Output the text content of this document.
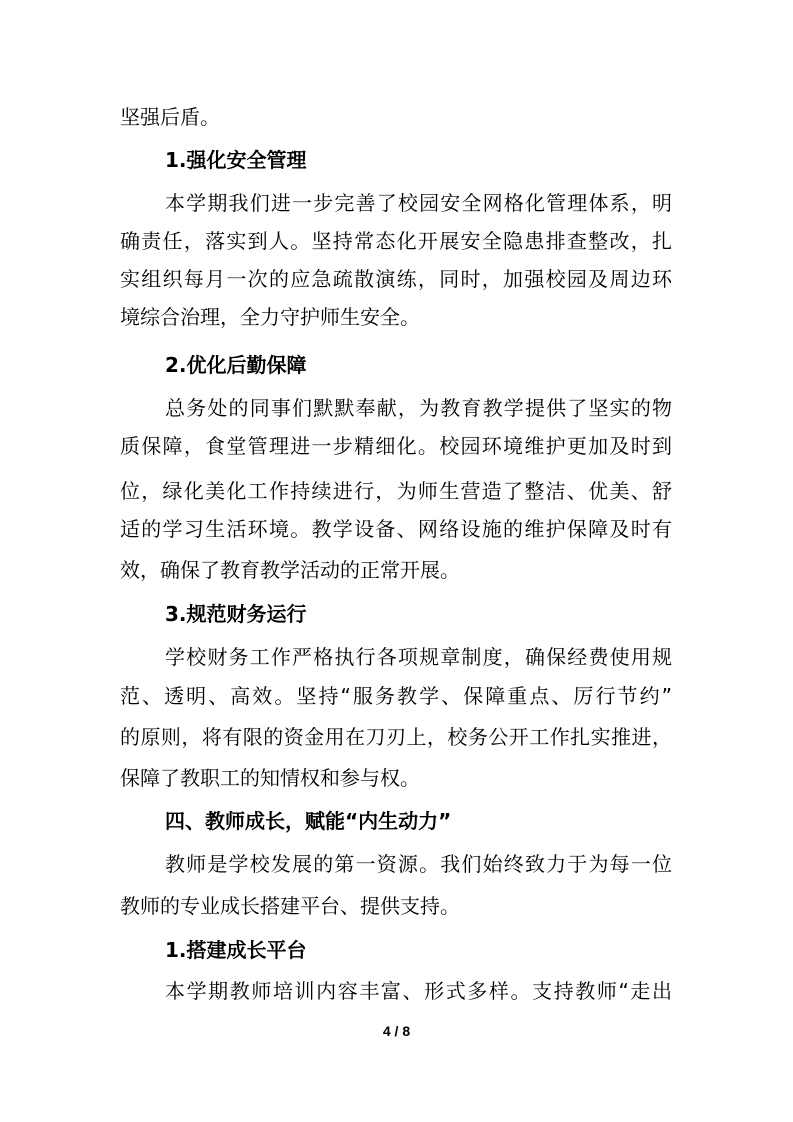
坚强后盾。

1.强化安全管理

本学期我们进一步完善了校园安全网格化管理体系，明

确责任，落实到人。坚持常态化开展安全隐患排查整改，扎

实组织每月一次的应急疏散演练，同时，加强校园及周边环

境综合治理，全力守护师生安全。

2.优化后勤保障

总务处的同事们默默奉献，为教育教学提供了坚实的物

质保障，食堂管理进一步精细化。校园环境维护更加及时到

位，绿化美化工作持续进行，为师生营造了整洁、优美、舒

适的学习生活环境。教学设备、网络设施的维护保障及时有

效，确保了教育教学活动的正常开展。

3.规范财务运行

学校财务工作严格执行各项规章制度，确保经费使用规

范、透明、高效。坚持“服务教学、保障重点、厉行节约”

的原则，将有限的资金用在刀刃上，校务公开工作扎实推进，

保障了教职工的知情权和参与权。

四、教师成长，赋能“内生动力”

教师是学校发展的第一资源。我们始终致力于为每一位

教师的专业成长搭建平台、提供支持。

1.搭建成长平台

本学期教师培训内容丰富、形式多样。支持教师“走出

4 / 8
